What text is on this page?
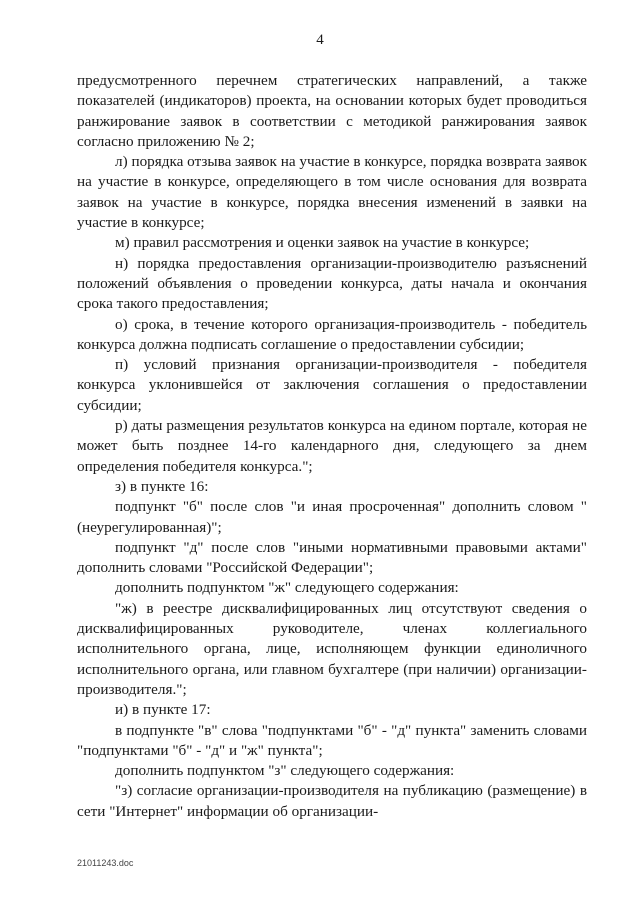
4

предусмотренного перечнем стратегических направлений, а также показателей (индикаторов) проекта, на основании которых будет проводиться ранжирование заявок в соответствии с методикой ранжирования заявок согласно приложению № 2;

л) порядка отзыва заявок на участие в конкурсе, порядка возврата заявок на участие в конкурсе, определяющего в том числе основания для возврата заявок на участие в конкурсе, порядка внесения изменений в заявки на участие в конкурсе;

м) правил рассмотрения и оценки заявок на участие в конкурсе;

н) порядка предоставления организации-производителю разъяснений положений объявления о проведении конкурса, даты начала и окончания срока такого предоставления;

о) срока, в течение которого организация-производитель - победитель конкурса должна подписать соглашение о предоставлении субсидии;

п) условий признания организации-производителя - победителя конкурса уклонившейся от заключения соглашения о предоставлении субсидии;

р) даты размещения результатов конкурса на едином портале, которая не может быть позднее 14-го календарного дня, следующего за днем определения победителя конкурса.";

з) в пункте 16:

подпункт "б" после слов "и иная просроченная" дополнить словом "(неурегулированная)";

подпункт "д" после слов "иными нормативными правовыми актами" дополнить словами "Российской Федерации";

дополнить подпунктом "ж" следующего содержания:

"ж) в реестре дисквалифицированных лиц отсутствуют сведения о дисквалифицированных руководителе, членах коллегиального исполнительного органа, лице, исполняющем функции единоличного исполнительного органа, или главном бухгалтере (при наличии) организации-производителя.";

и) в пункте 17:

в подпункте "в" слова "подпунктами "б" - "д" пункта" заменить словами "подпунктами "б" - "д" и "ж" пункта";

дополнить подпунктом "з" следующего содержания:

"з) согласие организации-производителя на публикацию (размещение) в сети "Интернет" информации об организации-

21011243.doc
